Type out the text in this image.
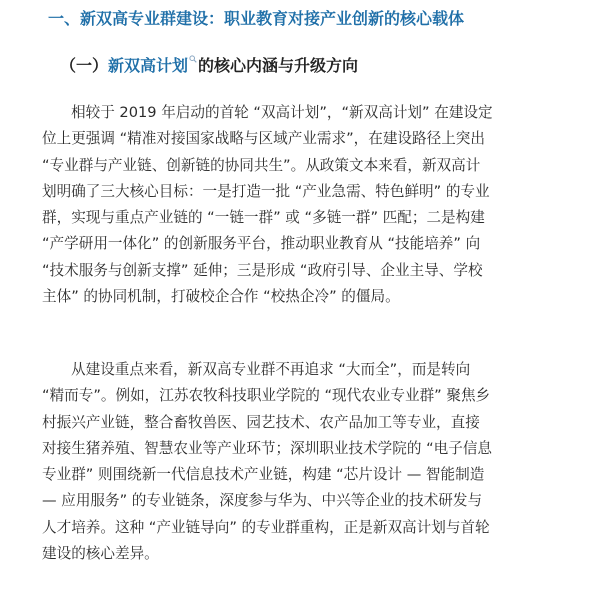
一、新双高专业群建设：职业教育对接产业创新的核心载体
（一）新双高计划 的核心内涵与升级方向
相较于 2019 年启动的首轮 “双高计划”，“新双高计划” 在建设定
位上更强调 “精准对接国家战略与区域产业需求”，在建设路径上突出
“专业群与产业链、创新链的协同共生”。从政策文本来看，新双高计
划明确了三大核心目标：一是打造一批 “产业急需、特色鲜明” 的专业
群，实现与重点产业链的 “一链一群” 或 “多链一群” 匹配；二是构建
“产学研用一体化” 的创新服务平台，推动职业教育从 “技能培养” 向
“技术服务与创新支撑” 延伸；三是形成 “政府引导、企业主导、学校
主体” 的协同机制，打破校企合作 “校热企冷” 的僵局。
从建设重点来看，新双高专业群不再追求 “大而全”，而是转向
“精而专”。例如，江苏农牧科技职业学院的 “现代农业专业群” 聚焦乡
村振兴产业链，整合畜牧兽医、园艺技术、农产品加工等专业，直接
对接生猪养殖、智慧农业等产业环节；深圳职业技术学院的 “电子信息
专业群” 则围绕新一代信息技术产业链，构建 “芯片设计 — 智能制造
— 应用服务” 的专业链条，深度参与华为、中兴等企业的技术研发与
人才培养。这种 “产业链导向” 的专业群重构，正是新双高计划与首轮
建设的核心差异。
